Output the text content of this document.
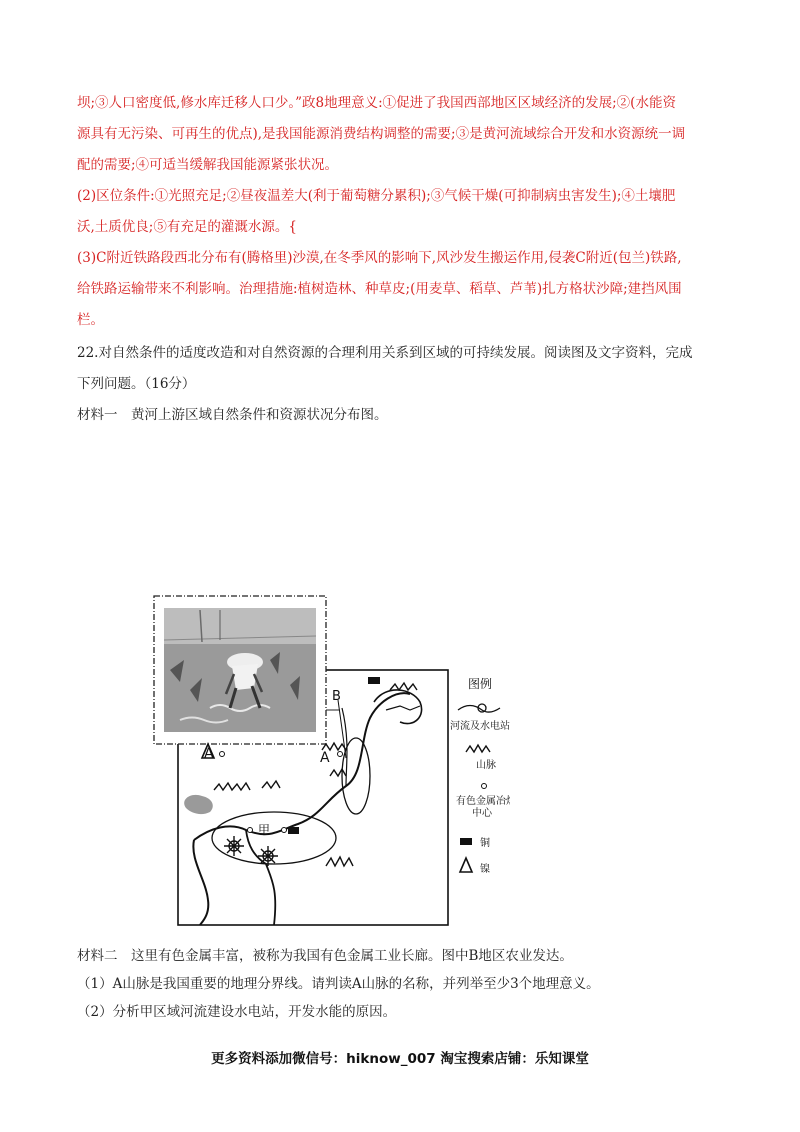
坝;③人口密度低,修水库迁移人口少。”政8地理意义:①促进了我国西部地区区域经济的发展;②(水能资

源具有无污染、可再生的优点),是我国能源消费结构调整的需要;③是黄河流域综合开发和水资源统一调

配的需要;④可适当缓解我国能源紧张状况。

(2)区位条件:①光照充足;②昼夜温差大(利于葡萄糖分累积);③气候干燥(可抑制病虫害发生);④土壤肥

沃,土质优良;⑤有充足的灌溉水源。{

(3)C附近铁路段西北分布有(腾格里)沙漠,在冬季风的影响下,风沙发生搬运作用,侵袭C附近(包兰)铁路,

给铁路运输带来不利影响。治理措施:植树造林、种草皮;(用麦草、稻草、芦苇)扎方格状沙障;建挡风围

栏。

22.对自然条件的适度改造和对自然资源的合理利用关系到区域的可持续发展。阅读图及文字资料，完成

下列问题。（16分）

材料一　黄河上游区域自然条件和资源状况分布图。

B
A	A
甲
图例
河流及水电站
山脉
有色金属冶炼
中心
铜
镍

材料二　这里有色金属丰富，被称为我国有色金属工业长廊。图中B地区农业发达。

（1）A山脉是我国重要的地理分界线。请判读A山脉的名称，并列举至少3个地理意义。

（2）分析甲区域河流建设水电站，开发水能的原因。

更多资料添加微信号：hiknow_007 淘宝搜索店铺：乐知课堂
